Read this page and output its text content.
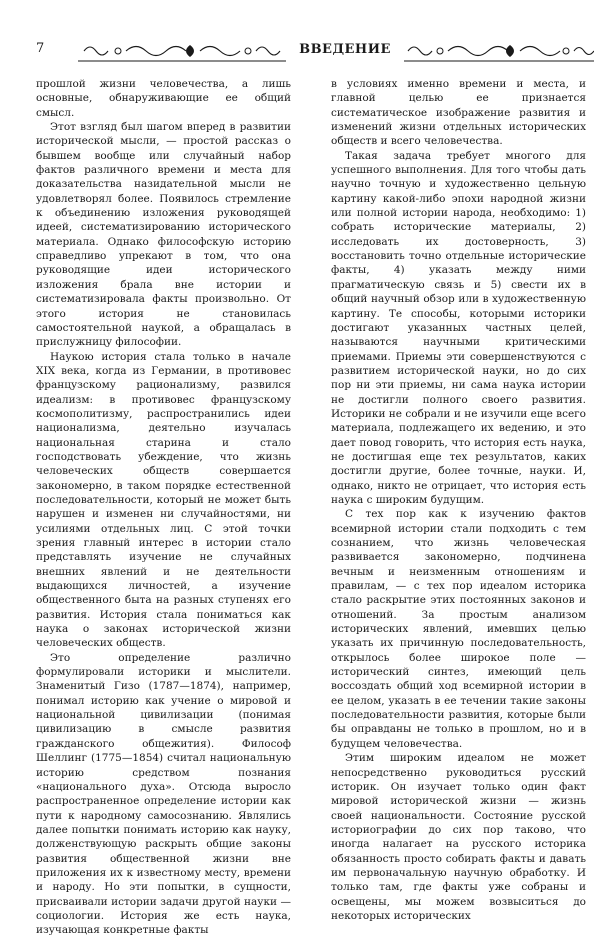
7	ВВЕДЕНИЕ

прошлой жизни человечества, а лишь основные, обнаруживающие ее общий смысл.

Этот взгляд был шагом вперед в развитии исторической мысли, — простой рассказ о бывшем вообще или случайный набор фактов различного времени и места для доказательства назидательной мысли не удовлетворял более. Появилось стремление к объединению изложения руководящей идеей, систематизированию исторического материала. Однако философскую историю справедливо упрекают в том, что она руководящие идеи исторического изложения брала вне истории и систематизировала факты произвольно. От этого история не становилась самостоятельной наукой, а обращалась в прислужницу философии.

Наукою история стала только в начале XIX века, когда из Германии, в противовес французскому рационализму, развился идеализм: в противовес французскому космополитизму, распространились идеи национализма, деятельно изучалась национальная старина и стало господствовать убеждение, что жизнь человеческих обществ совершается закономерно, в таком порядке естественной последовательности, который не может быть нарушен и изменен ни случайностями, ни усилиями отдельных лиц. С этой точки зрения главный интерес в истории стало представлять изучение не случайных внешних явлений и не деятельности выдающихся личностей, а изучение общественного быта на разных ступенях его развития. История стала пониматься как наука о законах исторической жизни человеческих обществ.

Это определение различно формулировали историки и мыслители. Знаменитый Гизо (1787—1874), например, понимал историю как учение о мировой и национальной цивилизации (понимая цивилизацию в смысле развития гражданского общежития). Философ Шеллинг (1775—1854) считал национальную историю средством познания «национального духа». Отсюда выросло распространенное определение истории как пути к народному самосознанию. Являлись далее попытки понимать историю как науку, долженствующую раскрыть общие законы развития общественной жизни вне приложения их к известному месту, времени и народу. Но эти попытки, в сущности, присваивали истории задачи другой науки — социологии. История же есть наука, изучающая конкретные факты

в условиях именно времени и места, и главной целью ее признается систематическое изображение развития и изменений жизни отдельных исторических обществ и всего человечества.

Такая задача требует многого для успешного выполнения. Для того чтобы дать научно точную и художественно цельную картину какой-либо эпохи народной жизни или полной истории народа, необходимо: 1) собрать исторические материалы, 2) исследовать их достоверность, 3) восстановить точно отдельные исторические факты, 4) указать между ними прагматическую связь и 5) свести их в общий научный обзор или в художественную картину. Те способы, которыми историки достигают указанных частных целей, называются научными критическими приемами. Приемы эти совершенствуются с развитием исторической науки, но до сих пор ни эти приемы, ни сама наука истории не достигли полного своего развития. Историки не собрали и не изучили еще всего материала, подлежащего их ведению, и это дает повод говорить, что история есть наука, не достигшая еще тех результатов, каких достигли другие, более точные, науки. И, однако, никто не отрицает, что история есть наука с широким будущим.

С тех пор как к изучению фактов всемирной истории стали подходить с тем сознанием, что жизнь человеческая развивается закономерно, подчинена вечным и неизменным отношениям и правилам, — с тех пор идеалом историка стало раскрытие этих постоянных законов и отношений. За простым анализом исторических явлений, имевших целью указать их причинную последовательность, открылось более широкое поле — исторический синтез, имеющий цель воссоздать общий ход всемирной истории в ее целом, указать в ее течении такие законы последовательности развития, которые были бы оправданы не только в прошлом, но и в будущем человечества.

Этим широким идеалом не может непосредственно руководиться русский историк. Он изучает только один факт мировой исторической жизни — жизнь своей национальности. Состояние русской историографии до сих пор таково, что иногда налагает на русского историка обязанность просто собирать факты и давать им первоначальную научную обработку. И только там, где факты уже собраны и освещены, мы можем возвыситься до некоторых исторических
